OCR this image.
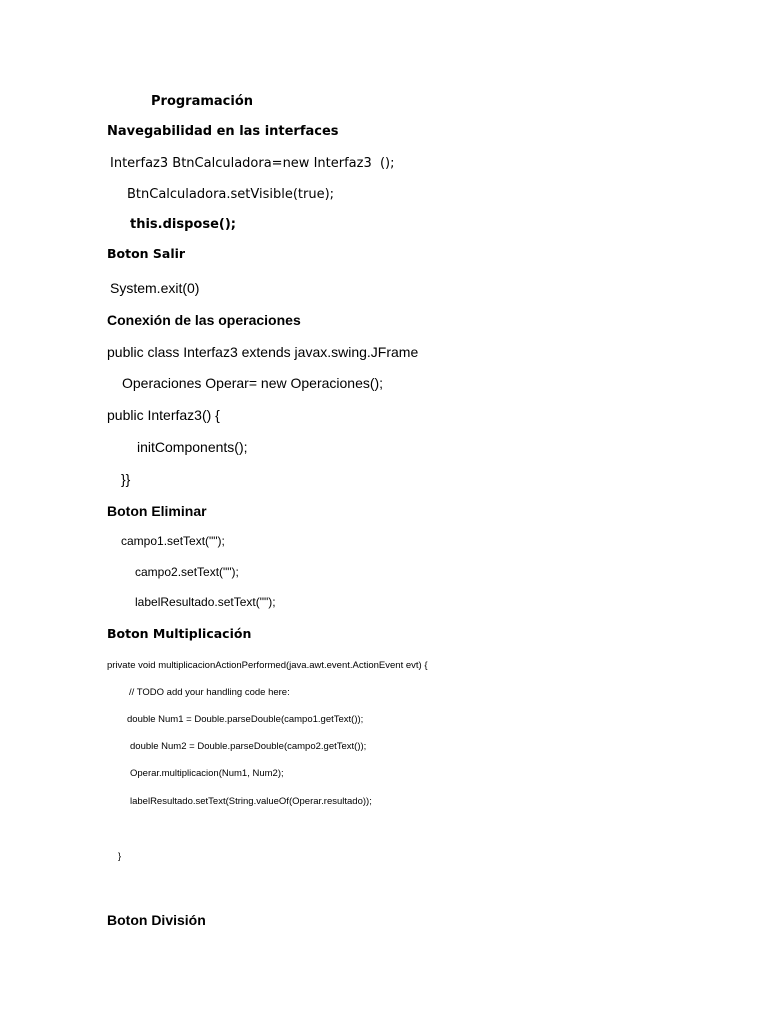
Programación
Navegabilidad en las interfaces
Interfaz3 BtnCalculadora=new Interfaz3  ();
BtnCalculadora.setVisible(true);
this.dispose();
Boton Salir
System.exit(0)
Conexión de las operaciones
public class Interfaz3 extends javax.swing.JFrame
Operaciones Operar= new Operaciones();
public Interfaz3() {
initComponents();
}}
Boton Eliminar
campo1.setText("");
campo2.setText("");
labelResultado.setText("");
Boton Multiplicación
private void multiplicacionActionPerformed(java.awt.event.ActionEvent evt) {
// TODO add your handling code here:
double Num1 = Double.parseDouble(campo1.getText());
double Num2 = Double.parseDouble(campo2.getText());
Operar.multiplicacion(Num1, Num2);
labelResultado.setText(String.valueOf(Operar.resultado));
}
Boton División
